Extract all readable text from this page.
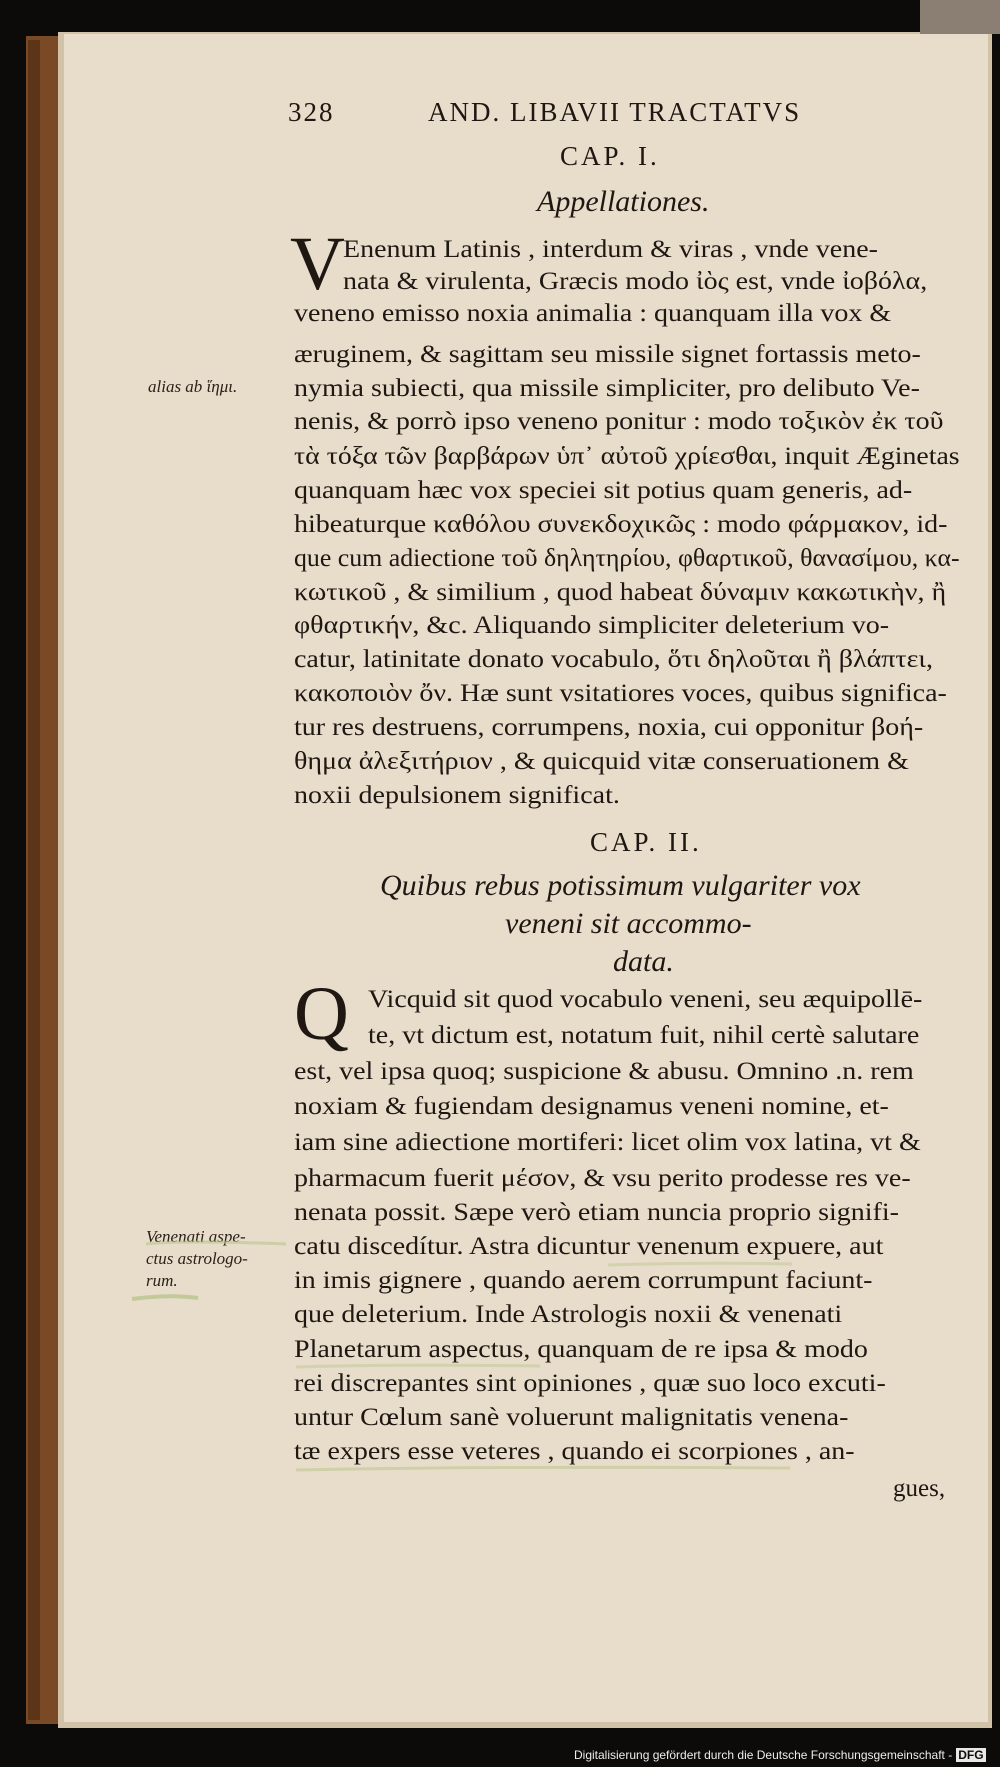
328	AND. LIBAVII TRACTATVS
CAP. I.
Appellationes.
V
Enenum Latinis , interdum & viras , vnde vene-
nata & virulenta, Græcis modo ἰὸς est, vnde ἰοβόλα,
veneno emisso noxia animalia : quanquam illa vox &
æruginem, & sagittam seu missile signet fortassis meto-
nymia subiecti, qua missile simpliciter, pro delibuto Ve-
nenis, & porrò ipso veneno ponitur : modo τοξικὸν ἐκ τοῦ
τὰ τόξα τῶν βαρβάρων ὑπ᾽ αὐτοῦ χρίεσθαι, inquit Æginetas
quanquam hæc vox speciei sit potius quam generis, ad-
hibeaturque καθόλου συνεκδοχικῶς : modo φάρμακον, id-
que cum adiectione τοῦ δηλητηρίου, φθαρτικοῦ, θανασίμου, κα-
κωτικοῦ , & similium , quod habeat δύναμιν κακωτικὴν, ἢ
φθαρτικήν, &c. Aliquando simpliciter deleterium vo-
catur, latinitate donato vocabulo, ὅτι δηλοῦται ἢ βλάπτει,
κακοποιὸν ὄν. Hæ sunt vsitatiores voces, quibus significa-
tur res destruens, corrumpens, noxia, cui opponitur βοή-
θημα ἀλεξιτήριον , & quicquid vitæ conseruationem &
noxii depulsionem significat.
CAP. II.
Quibus rebus potissimum vulgariter vox
veneni sit accommo-
data.
Q Vicquid sit quod vocabulo veneni, seu æquipollē-
te, vt dictum est, notatum fuit, nihil certè salutare
est, vel ipsa quoq; suspicione & abusu. Omnino .n. rem
noxiam & fugiendam designamus veneni nomine, et-
iam sine adiectione mortiferi: licet olim vox latina, vt &
pharmacum fuerit μέσον, & vsu perito prodesse res ve-
nenata possit. Sæpe verò etiam nuncia proprio signifi-
catu discedítur. Astra dicuntur venenum expuere, aut
in imis gignere , quando aerem corrumpunt faciunt-
que deleterium. Inde Astrologis noxii & venenati
Planetarum aspectus, quanquam de re ipsa & modo
rei discrepantes sint opiniones , quæ suo loco excuti-
untur Cœlum sanè voluerunt malignitatis venena-
tæ expers esse veteres , quando ei scorpiones , an-
gues,
alias ab ἵημι.
Venenati aspe-
ctus astrologo-
rum.
Digitalisierung gefördert durch die Deutsche Forschungsgemeinschaft - DFG
